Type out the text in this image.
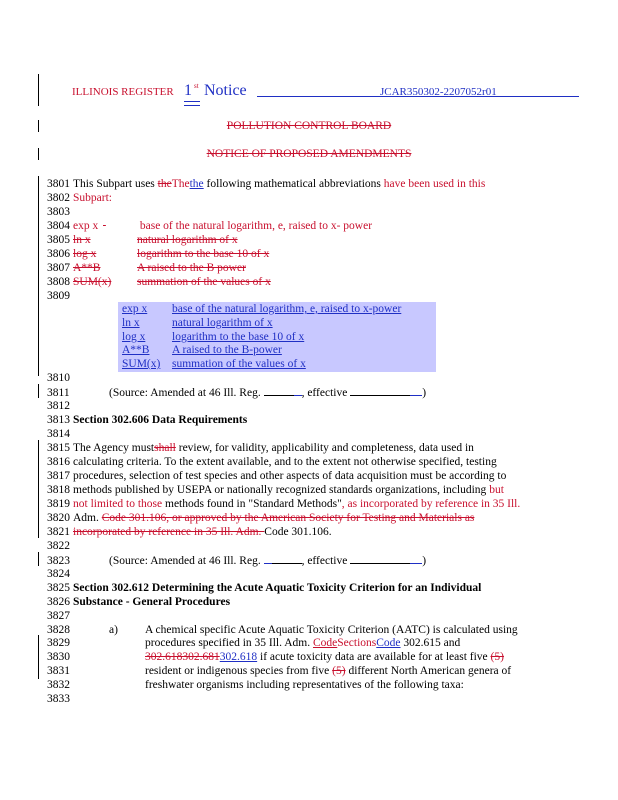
ILLINOIS REGISTER 1 st Notice	JCAR350302-2207052r01
POLLUTION CONTROL BOARD
NOTICE OF PROPOSED AMENDMENTS
3801 This Subpart uses theThethe following mathematical abbreviations have been used in this
3802 Subpart:
3803
3804 exp x	base of the natural logarithm, e, raised to x- power
3805 ln x	natural logarithm of x
3806 log x	logarithm to the base 10 of x
3807 A**B	A raised to the B power
3808 SUM(x) summation of the values of x
3809
exp x base of the natural logarithm, e, raised to x-power
ln x	natural logarithm of x
log x logarithm to the base 10 of x
A**B A raised to the B-power
SUM(x) summation of the values of x
3810
3811	(Source: Amended at 46 Ill. Reg.	, effective	)
3812
3813 Section 302.606 Data Requirements
3814
3815 The Agency mustshall review, for validity, applicability and completeness, data used in
3816 calculating criteria. To the extent available, and to the extent not otherwise specified, testing
3817 procedures, selection of test species and other aspects of data acquisition must be according to
3818 methods published by USEPA or nationally recognized standards organizations, including but
3819 not limited to those methods found in "Standard Methods", as incorporated by reference in 35 Ill.
3820 Adm. Code 301.106, or approved by the American Society for Testing and Materials as
3821 incorporated by reference in 35 Ill. Adm. Code 301.106.
3822
3823	(Source: Amended at 46 Ill. Reg.	, effective	)
3824
3825 Section 302.612 Determining the Acute Aquatic Toxicity Criterion for an Individual
3826 Substance - General Procedures
3827
3828	a) A chemical specific Acute Aquatic Toxicity Criterion (AATC) is calculated using
3829	procedures specified in 35 Ill. Adm. CodeSectionsCode 302.615 and
3830	302.618302.681302.618 if acute toxicity data are available for at least five (5)
3831	resident or indigenous species from five (5) different North American genera of
3832	freshwater organisms including representatives of the following taxa:
3833
